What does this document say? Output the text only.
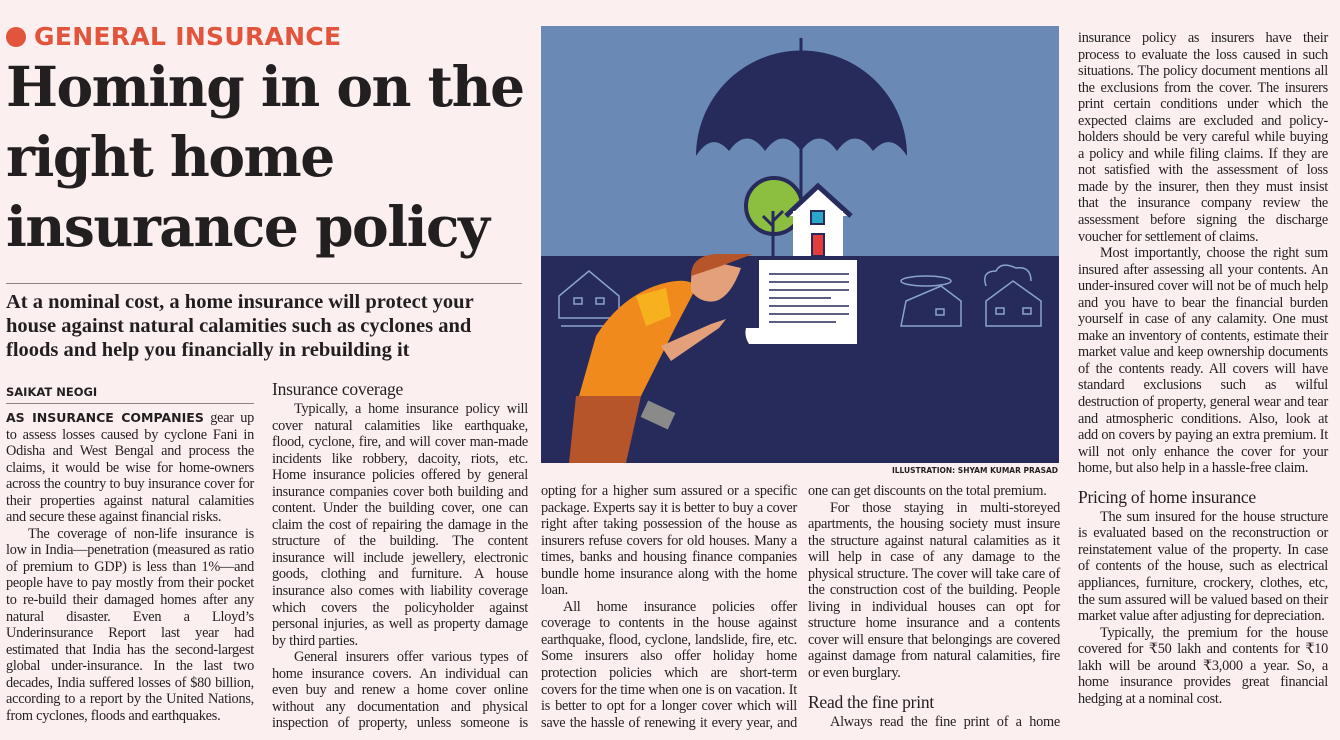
GENERAL INSURANCE
Homing in on the right home insurance policy
At a nominal cost, a home insurance will protect your house against natural calamities such as cyclones and floods and help you financially in rebuilding it
SAIKAT NEOGI

AS INSURANCE COMPANIES gear up to assess losses caused by cyclone Fani in Odisha and West Bengal and process the claims, it would be wise for home-owners across the country to buy insurance cover for their properties against natural calamities and secure these against financial risks.

The coverage of non-life insurance is low in India—penetration (measured as ratio of premium to GDP) is less than 1%—and people have to pay mostly from their pocket to re-build their damaged homes after any natural disaster. Even a Lloyd’s Underinsurance Report last year had estimated that India has the second-largest global under-insurance. In the last two decades, India suffered losses of $80 billion, according to a report by the United Nations, from cyclones, floods and earthquakes.

Insurance coverage

Typically, a home insurance policy will cover natural calamities like earthquake, flood, cyclone, fire, and will cover man-made incidents like robbery, dacoity, riots, etc. Home insurance policies offered by general insurance companies cover both building and content. Under the building cover, one can claim the cost of repairing the damage in the structure of the building. The content insurance will include jewellery, electronic goods, clothing and furniture. A house insurance also comes with liability coverage which covers the policyholder against personal injuries, as well as property damage by third parties.

General insurers offer various types of home insurance covers. An individual can even buy and renew a home cover online without any documentation and physical inspection of property, unless someone is

ILLUSTRATION: SHYAM KUMAR PRASAD

opting for a higher sum assured or a specific package. Experts say it is better to buy a cover right after taking possession of the house as insurers refuse covers for old houses. Many a times, banks and housing finance companies bundle home insurance along with the home loan.

All home insurance policies offer coverage to contents in the house against earthquake, flood, cyclone, landslide, fire, etc. Some insurers also offer holiday home protection policies which are short-term covers for the time when one is on vacation. It is better to opt for a longer cover which will save the hassle of renewing it every year, and

one can get discounts on the total premium.

For those staying in multi-storeyed apartments, the housing society must insure the structure against natural calamities as it will help in case of any damage to the physical structure. The cover will take care of the construction cost of the building. People living in individual houses can opt for structure home insurance and a contents cover will ensure that belongings are covered against damage from natural calamities, fire or even burglary.

Read the fine print

Always read the fine print of a home

insurance policy as insurers have their process to evaluate the loss caused in such situations. The policy document mentions all the exclusions from the cover. The insurers print certain conditions under which the expected claims are excluded and policy-holders should be very careful while buying a policy and while filing claims. If they are not satisfied with the assessment of loss made by the insurer, then they must insist that the insurance company review the assessment before signing the discharge voucher for settlement of claims.

Most importantly, choose the right sum insured after assessing all your contents. An under-insured cover will not be of much help and you have to bear the financial burden yourself in case of any calamity. One must make an inventory of contents, estimate their market value and keep ownership documents of the contents ready. All covers will have standard exclusions such as wilful destruction of property, general wear and tear and atmospheric conditions. Also, look at add on covers by paying an extra premium. It will not only enhance the cover for your home, but also help in a hassle-free claim.

Pricing of home insurance

The sum insured for the house structure is evaluated based on the reconstruction or reinstatement value of the property. In case of contents of the house, such as electrical appliances, furniture, crockery, clothes, etc, the sum assured will be valued based on their market value after adjusting for depreciation.

Typically, the premium for the house covered for ₹50 lakh and contents for ₹10 lakh will be around ₹3,000 a year. So, a home insurance provides great financial hedging at a nominal cost.
